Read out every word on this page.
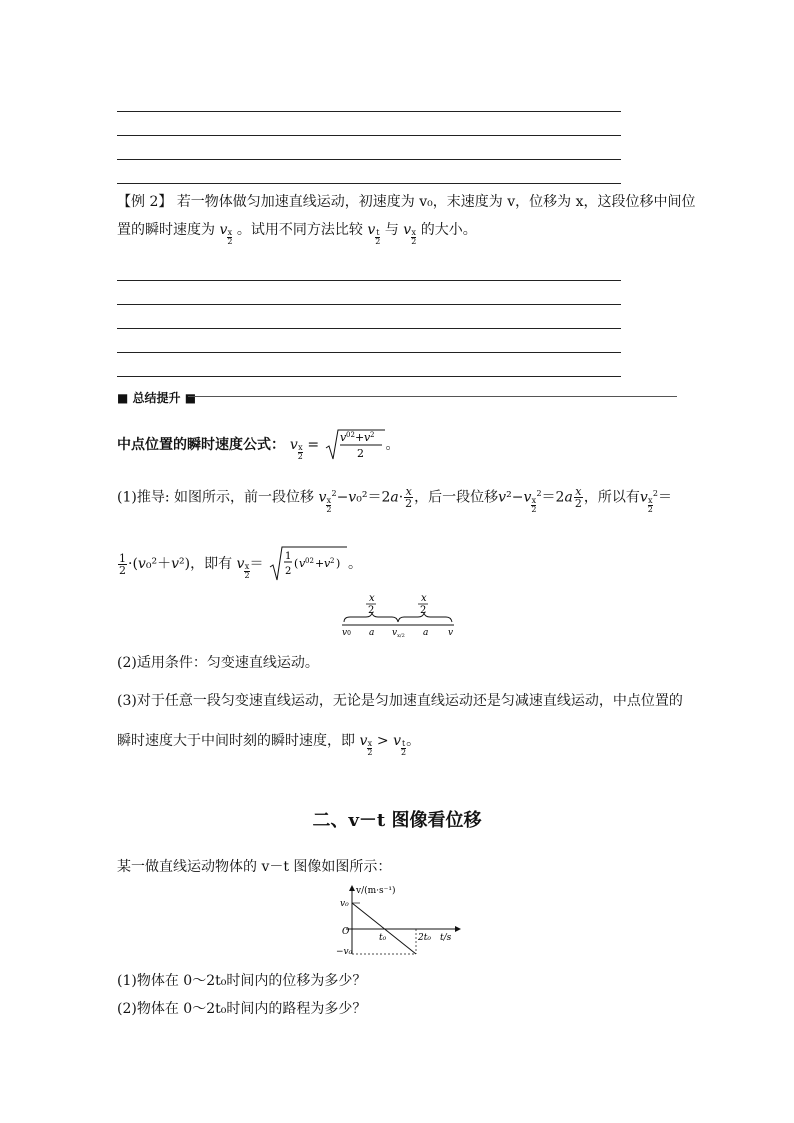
【例 2】 若一物体做匀加速直线运动，初速度为 v₀，末速度为 v，位移为 x，这段位移中间位
置的瞬时速度为 v $\frac{x}{2}$ 。试用不同方法比较 v $\frac{t}{2}$ 与 v $\frac{x}{2}$ 的大小。
■ 总结提升 ■
中点位置的瞬时速度公式： v $\frac{x}{2} = v$ 02 + v 2
2
。
(1)推导: 如图所示，前一段位移 v $\frac{x}{2}^2-v_0^2=2a\cdot \frac{x}{2}$ ，后一段位移$v^2-v \frac{x}{2}^2=2a \frac{x}{2}$ ，所以有v $\frac{x}{2}^2=$
$\frac{1}{2} \cdot(v_0^2+v^2)$，即有 v $\frac{x}{2}= 1$
2
( v 02 + v 2 ) 。
x
2
x
2
v0 a $v_{x/2}$ a v
(2)适用条件：匀变速直线运动。
(3)对于任意一段匀变速直线运动，无论是匀加速直线运动还是匀减速直线运动，中点位置的
瞬时速度大于中间时刻的瞬时速度，即 v $\frac{x}{2} > v \frac{t}{2}$。
二、v－t 图像看位移
某一做直线运动物体的 v－t 图像如图所示：
v/(m·s⁻¹)
t/s
O
v₀
−v₀
t₀	2t₀
(1)物体在 0～2t₀时间内的位移为多少？
(2)物体在 0～2t₀时间内的路程为多少？
